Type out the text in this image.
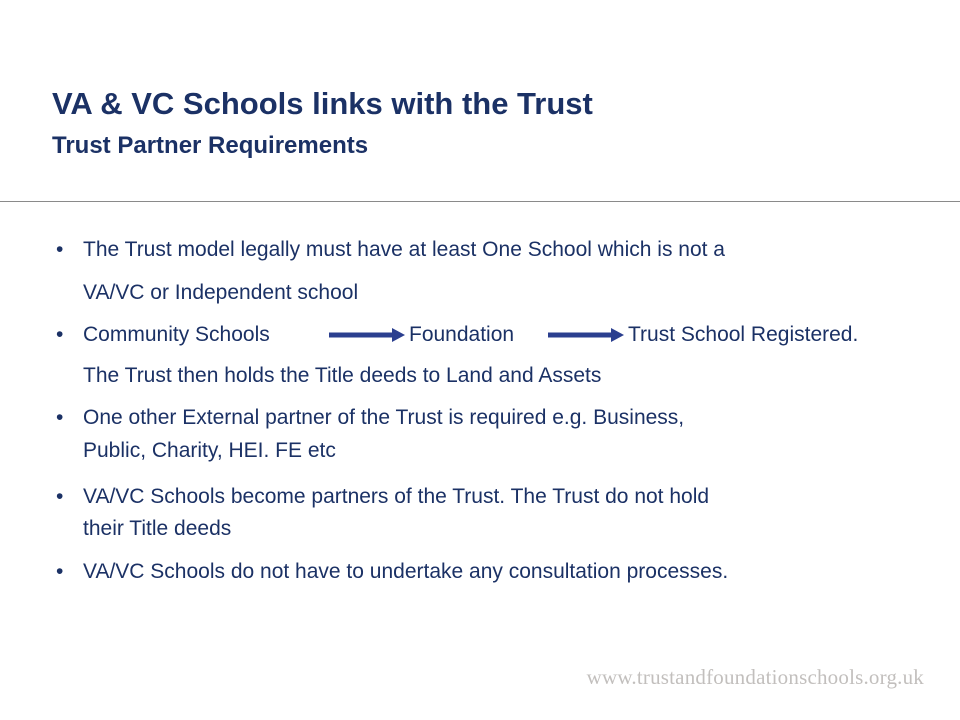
VA & VC Schools links with the Trust
Trust Partner Requirements
• The Trust model legally must have at least One School which is not a

VA/VC or Independent school

• Community Schools	Foundation	Trust School Registered.

The Trust then holds the Title deeds to Land and Assets

• One other External partner of the Trust is required e.g. Business,

Public, Charity, HEI. FE etc

• VA/VC Schools become partners of the Trust. The Trust do not hold

their Title deeds

• VA/VC Schools do not have to undertake any consultation processes.

www.trustandfoundationschools.org.uk
